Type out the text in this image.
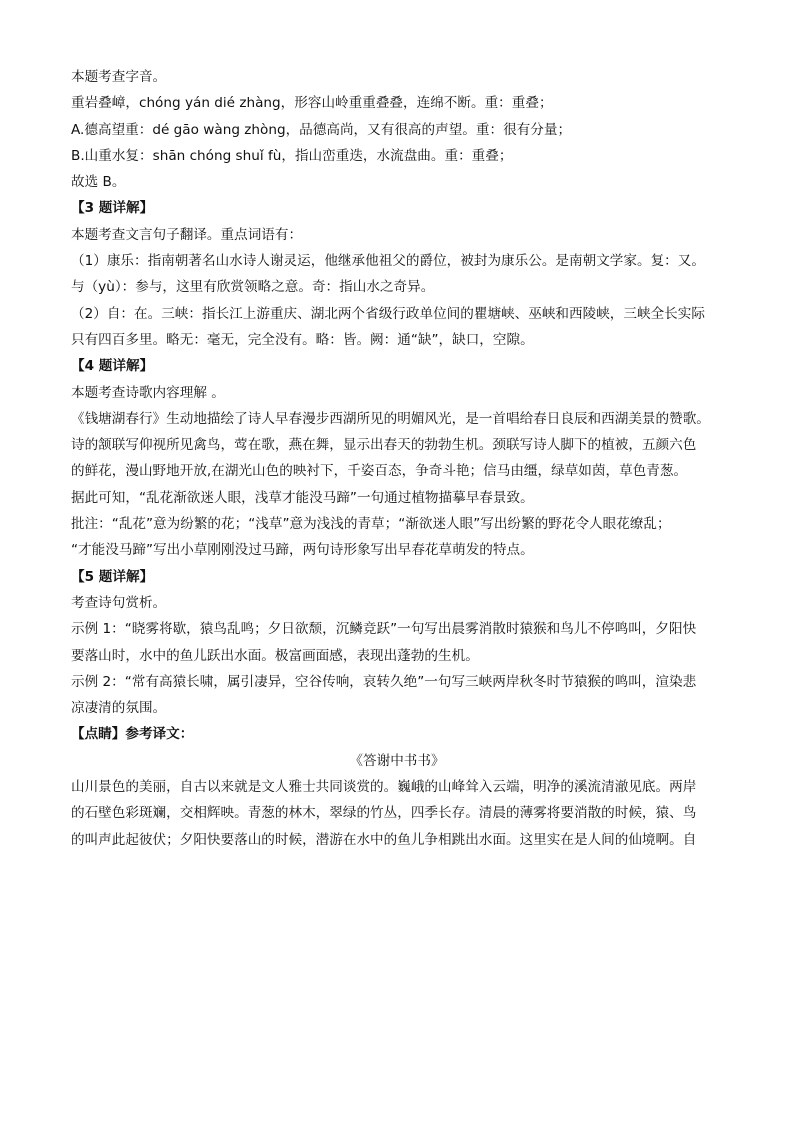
本题考查字音。
重岩叠嶂，chóng yán dié zhàng，形容山岭重重叠叠，连绵不断。重：重叠；
A.德高望重：dé gāo wàng zhòng，品德高尚，又有很高的声望。重：很有分量；
B.山重水复：shān chóng shuǐ fù，指山峦重迭，水流盘曲。重：重叠；
故选 B。
【3 题详解】
本题考查文言句子翻译。重点词语有：
（1）康乐：指南朝著名山水诗人谢灵运，他继承他祖父的爵位，被封为康乐公。是南朝文学家。复：又。
与（yù）：参与，这里有欣赏领略之意。奇：指山水之奇异。
（2）自：在。三峡：指长江上游重庆、湖北两个省级行政单位间的瞿塘峡、巫峡和西陵峡，三峡全长实际
只有四百多里。略无：毫无，完全没有。略：皆。阙：通“缺”，缺口，空隙。
【4 题详解】
本题考查诗歌内容理解 。
《钱塘湖春行》生动地描绘了诗人早春漫步西湖所见的明媚风光，是一首唱给春日良辰和西湖美景的赞歌。
诗的颔联写仰视所见禽鸟，莺在歌，燕在舞，显示出春天的勃勃生机。颈联写诗人脚下的植被，五颜六色
的鲜花，漫山野地开放,在湖光山色的映衬下，千姿百态，争奇斗艳；信马由缰，绿草如茵，草色青葱。
据此可知，“乱花渐欲迷人眼，浅草才能没马蹄”一句通过植物描摹早春景致。
批注：“乱花”意为纷繁的花；“浅草”意为浅浅的青草；“渐欲迷人眼”写出纷繁的野花令人眼花缭乱；
“才能没马蹄”写出小草刚刚没过马蹄，两句诗形象写出早春花草萌发的特点。
【5 题详解】
考查诗句赏析。
示例 1：“晓雾将歇，猿鸟乱鸣；夕日欲颓，沉鳞竞跃”一句写出晨雾消散时猿猴和鸟儿不停鸣叫，夕阳快
要落山时，水中的鱼儿跃出水面。极富画面感，表现出蓬勃的生机。
示例 2：“常有高猿长啸，属引凄异，空谷传响，哀转久绝”一句写三峡两岸秋冬时节猿猴的鸣叫，渲染悲
凉凄清的氛围。
【点睛】参考译文：
《答谢中书书》
山川景色的美丽，自古以来就是文人雅士共同谈赏的。巍峨的山峰耸入云端，明净的溪流清澈见底。两岸
的石壁色彩斑斓，交相辉映。青葱的林木，翠绿的竹丛，四季长存。清晨的薄雾将要消散的时候，猿、鸟
的叫声此起彼伏；夕阳快要落山的时候，潜游在水中的鱼儿争相跳出水面。这里实在是人间的仙境啊。自
